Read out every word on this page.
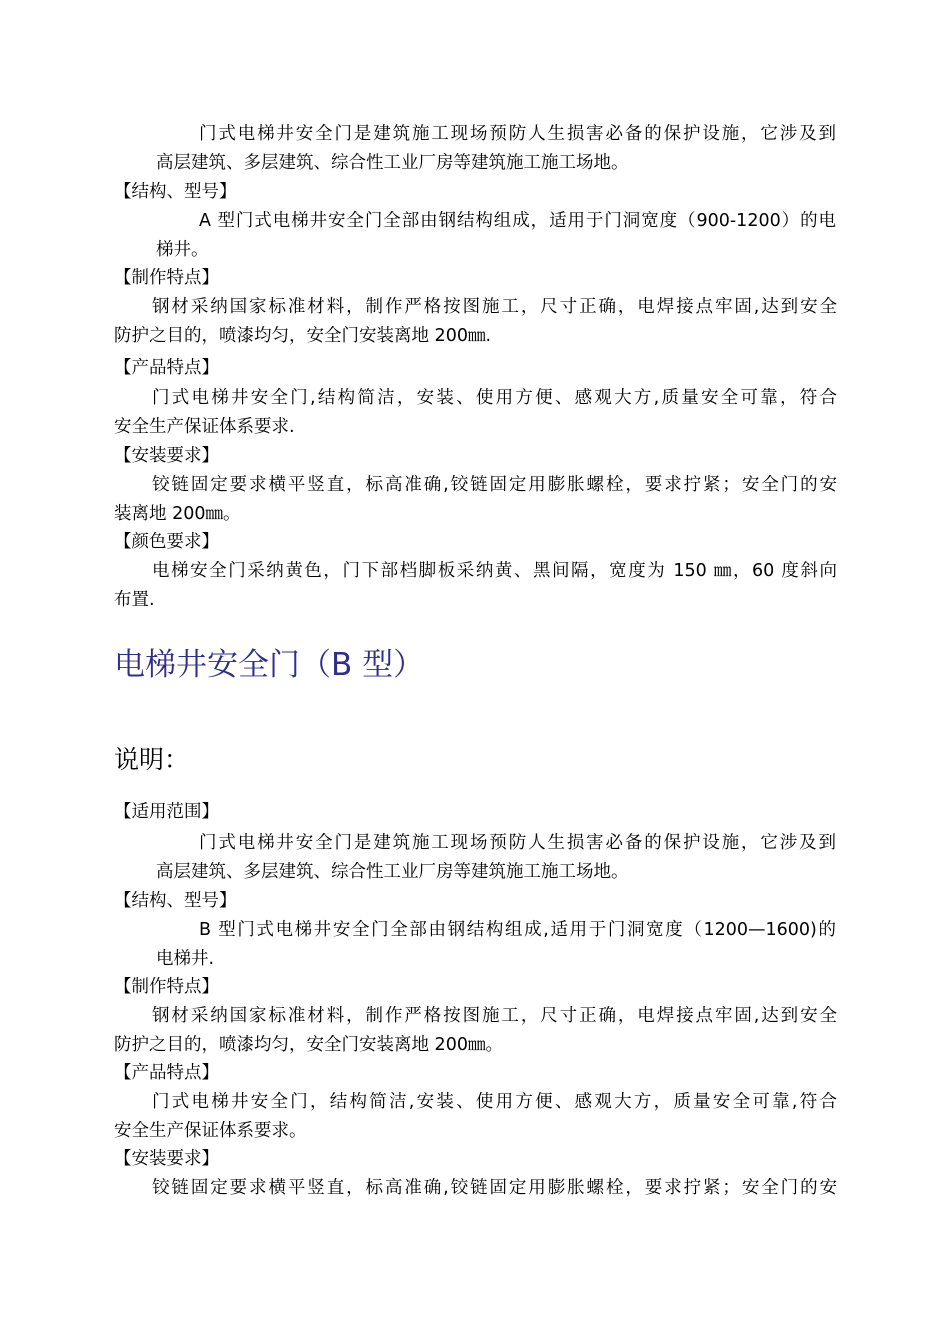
门式电梯井安全门是建筑施工现场预防人生损害必备的保护设施，它涉及到

高层建筑、多层建筑、综合性工业厂房等建筑施工施工场地。

【结构、型号】

A 型门式电梯井安全门全部由钢结构组成，适用于门洞宽度（900-1200）的电

梯井。

【制作特点】

钢材采纳国家标准材料，制作严格按图施工，尺寸正确，电焊接点牢固,达到安全

防护之目的，喷漆均匀，安全门安装离地 200㎜.

【产品特点】

门式电梯井安全门,结构简洁，安装、使用方便、感观大方,质量安全可靠，符合

安全生产保证体系要求.

【安装要求】

铰链固定要求横平竖直，标高准确,铰链固定用膨胀螺栓，要求拧紧；安全门的安

装离地 200㎜。

【颜色要求】

电梯安全门采纳黄色，门下部档脚板采纳黄、黑间隔，宽度为 150 ㎜，60 度斜向

布置.

电梯井安全门（B 型）
说明：

【适用范围】

门式电梯井安全门是建筑施工现场预防人生损害必备的保护设施，它涉及到

高层建筑、多层建筑、综合性工业厂房等建筑施工施工场地。

【结构、型号】

B 型门式电梯井安全门全部由钢结构组成,适用于门洞宽度（1200—1600)的

电梯井.

【制作特点】

钢材采纳国家标准材料，制作严格按图施工，尺寸正确，电焊接点牢固,达到安全

防护之目的，喷漆均匀，安全门安装离地 200㎜。

【产品特点】

门式电梯井安全门，结构简洁,安装、使用方便、感观大方，质量安全可靠,符合

安全生产保证体系要求。

【安装要求】

铰链固定要求横平竖直，标高准确,铰链固定用膨胀螺栓，要求拧紧；安全门的安
